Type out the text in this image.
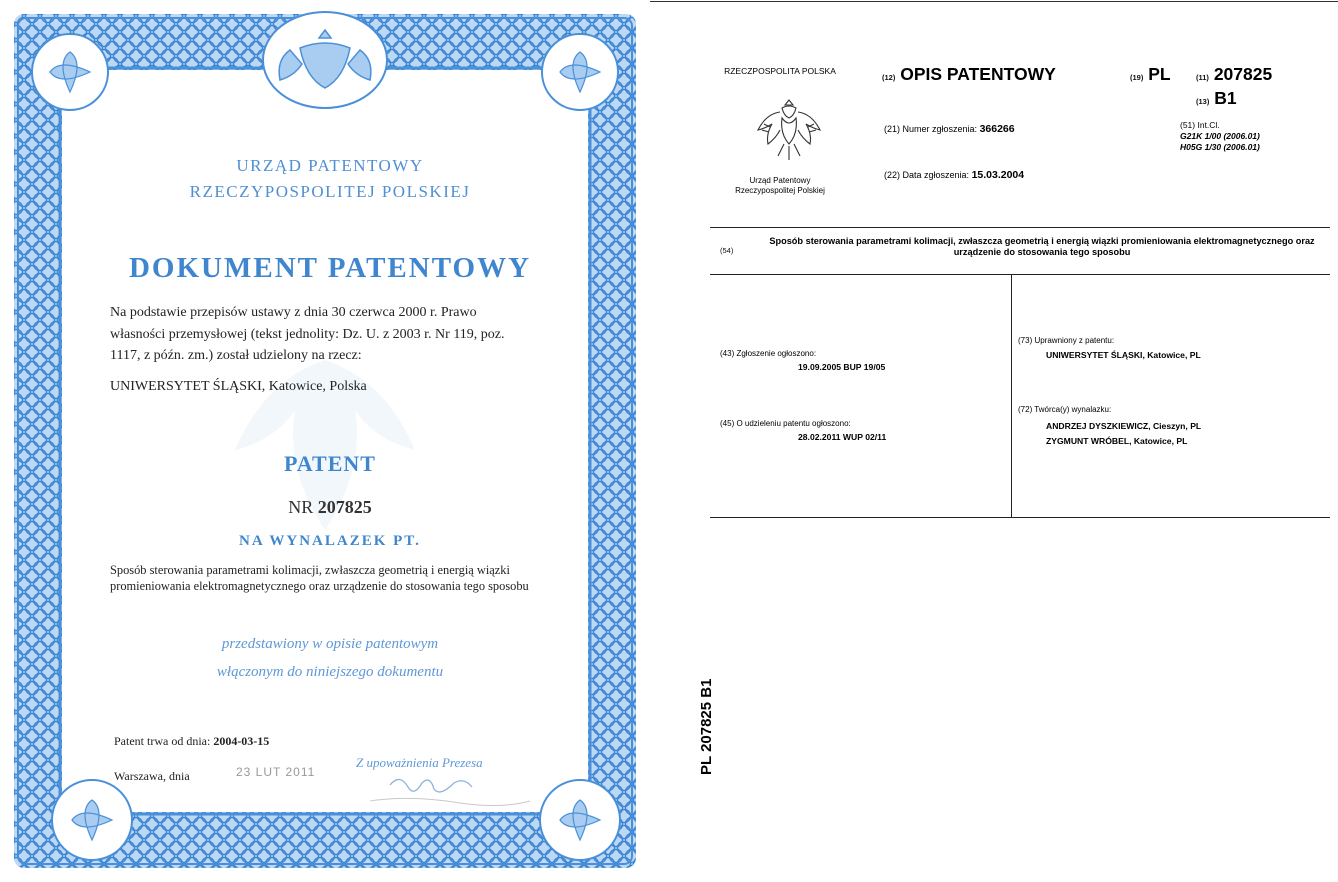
URZĄD PATENTOWY
RZECZYPOSPOLITEJ POLSKIEJ
DOKUMENT PATENTOWY
Na podstawie przepisów ustawy z dnia 30 czerwca 2000 r. Prawo własności przemysłowej (tekst jednolity: Dz. U. z 2003 r. Nr 119, poz. 1117, z późn. zm.) został udzielony na rzecz:
UNIWERSYTET ŚLĄSKI, Katowice, Polska
PATENT
NR 207825
NA WYNALAZEK PT.
Sposób sterowania parametrami kolimacji, zwłaszcza geometrią i energią wiązki promieniowania elektromagnetycznego oraz urządzenie do stosowania tego sposobu
przedstawiony w opisie patentowym
włączonym do niniejszego dokumentu
Patent trwa od dnia: 2004-03-15
Warszawa, dnia	23 LUT 2011
Z upoważnienia Prezesa
RZECZPOSPOLITA POLSKA
Urząd Patentowy Rzeczypospolitej Polskiej
(12) OPIS PATENTOWY	(19) PL	(11) 207825
(13) B1
(21) Numer zgłoszenia: 366266
(22) Data zgłoszenia: 15.03.2004
(51) Int.Cl.
G21K 1/00 (2006.01)
H05G 1/30 (2006.01)
(54)
Sposób sterowania parametrami kolimacji, zwłaszcza geometrią i energią wiązki promieniowania elektromagnetycznego oraz urządzenie do stosowania tego sposobu
(43) Zgłoszenie ogłoszono:
19.09.2005 BUP 19/05
(45) O udzieleniu patentu ogłoszono:
28.02.2011 WUP 02/11
(73) Uprawniony z patentu:
UNIWERSYTET ŚLĄSKI, Katowice, PL
(72) Twórca(y) wynalazku:
ANDRZEJ DYSZKIEWICZ, Cieszyn, PL
ZYGMUNT WRÓBEL, Katowice, PL
PL 207825 B1
